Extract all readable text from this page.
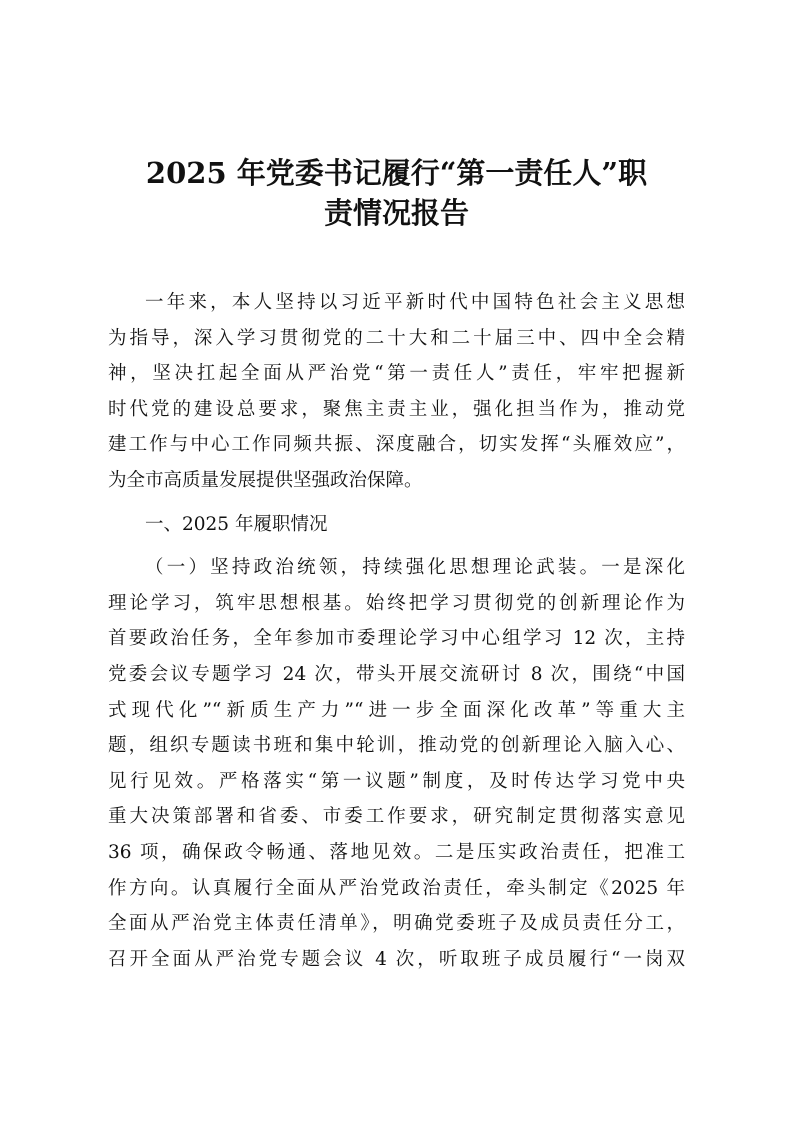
2025 年党委书记履行“第一责任人”职
责情况报告
一年来，本人坚持以习近平新时代中国特色社会主义思想
为指导，深入学习贯彻党的二十大和二十届三中、四中全会精
神，坚决扛起全面从严治党“第一责任人”责任，牢牢把握新
时代党的建设总要求，聚焦主责主业，强化担当作为，推动党
建工作与中心工作同频共振、深度融合，切实发挥“头雁效应”，
为全市高质量发展提供坚强政治保障。
一、2025 年履职情况
（一）坚持政治统领，持续强化思想理论武装。一是深化
理论学习，筑牢思想根基。始终把学习贯彻党的创新理论作为
首要政治任务，全年参加市委理论学习中心组学习 12 次，主持
党委会议专题学习 24 次，带头开展交流研讨 8 次，围绕“中国
式现代化”“新质生产力”“进一步全面深化改革”等重大主
题，组织专题读书班和集中轮训，推动党的创新理论入脑入心、
见行见效。严格落实“第一议题”制度，及时传达学习党中央
重大决策部署和省委、市委工作要求，研究制定贯彻落实意见
36 项，确保政令畅通、落地见效。二是压实政治责任，把准工
作方向。认真履行全面从严治党政治责任，牵头制定《2025 年
全面从严治党主体责任清单》，明确党委班子及成员责任分工，
召开全面从严治党专题会议 4 次，听取班子成员履行“一岗双
